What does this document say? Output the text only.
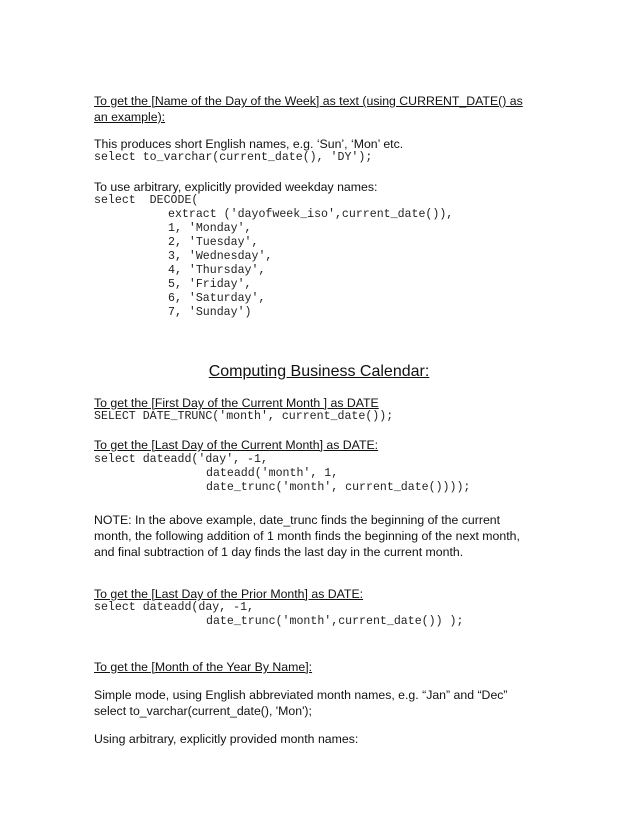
To get the [Name of the Day of the Week] as text (using CURRENT_DATE() as

an example):

This produces short English names, e.g. ‘Sun’, ‘Mon’ etc.

select to_varchar(current_date(), 'DY');

To use arbitrary, explicitly provided weekday names:

select  DECODE(

extract ('dayofweek_iso',current_date()),

1, 'Monday',

2, 'Tuesday',

3, 'Wednesday',

4, 'Thursday',

5, 'Friday',

6, 'Saturday',

7, 'Sunday')

Computing Business Calendar:

To get the [First Day of the Current Month ] as DATE

SELECT DATE_TRUNC('month', current_date());

To get the [Last Day of the Current Month] as DATE:

select dateadd('day', -1,

dateadd('month', 1,

date_trunc('month', current_date())));

NOTE: In the above example, date_trunc finds the beginning of the current

month, the following addition of 1 month finds the beginning of the next month,

and final subtraction of 1 day finds the last day in the current month.

To get the [Last Day of the Prior Month] as DATE:

select dateadd(day, -1,

date_trunc('month',current_date()) );

To get the [Month of the Year By Name]:

Simple mode, using English abbreviated month names, e.g. “Jan” and “Dec”

select to_varchar(current_date(), 'Mon');

Using arbitrary, explicitly provided month names:
